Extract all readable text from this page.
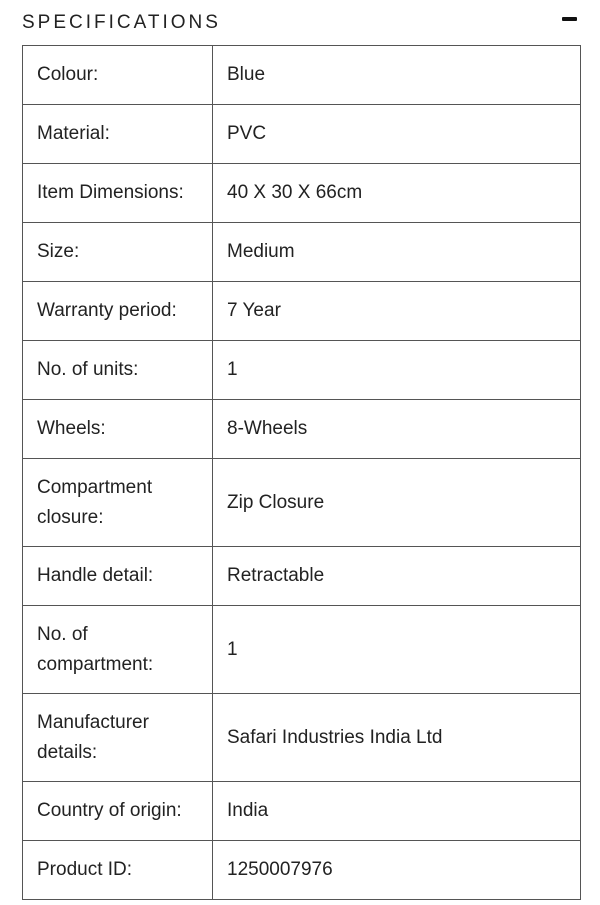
SPECIFICATIONS
Colour:	Blue
Material:	PVC
Item Dimensions:	40 X 30 X 66cm
Size:	Medium
Warranty period:	7 Year
No. of units:	1
Wheels:	8-Wheels
Compartment closure:	Zip Closure
Handle detail:	Retractable
No. of compartment:	1
Manufacturer details:	Safari Industries India Ltd
Country of origin:	India
Product ID:	1250007976
